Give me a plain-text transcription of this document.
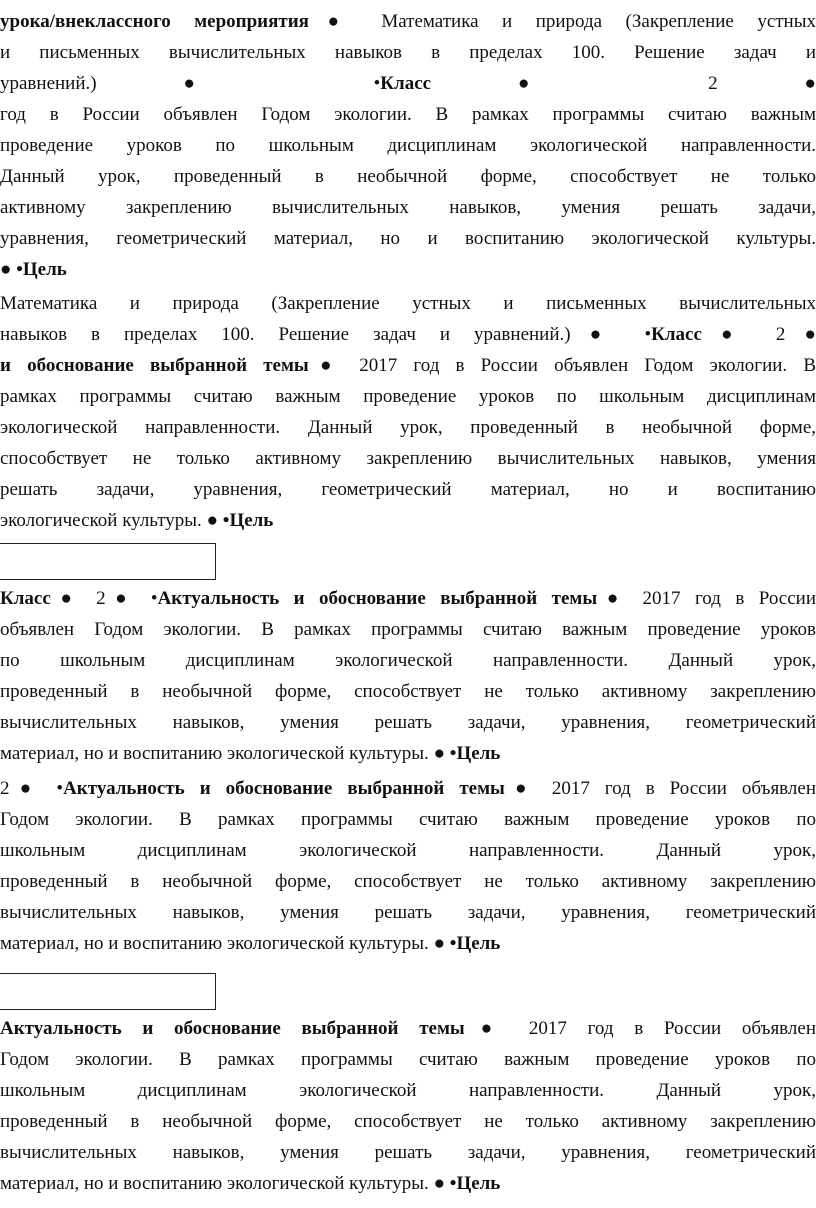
урока/внеклассного мероприятия● Математика и природа (Закрепление устных
и письменных вычислительных навыков в пределах 100. Решение задач и
уравнений.)● •Класс● 2●
год в России объявлен Годом экологии. В рамках программы считаю важным
проведение уроков по школьным дисциплинам экологической направленности.
Данный урок, проведенный в необычной форме, способствует не только
активному закреплению вычислительных навыков, умения решать задачи,
уравнения, геометрический материал, но и воспитанию экологической культуры.
● •Цель
Математика и природа (Закрепление устных и письменных вычислительных
навыков в пределах 100. Решение задач и уравнений.)● •Класс● 2●
и обоснование выбранной темы● 2017 год в России объявлен Годом экологии. В
рамках программы считаю важным проведение уроков по школьным дисциплинам
экологической направленности. Данный урок, проведенный в необычной форме,
способствует не только активному закреплению вычислительных навыков, умения
решать задачи, уравнения, геометрический материал, но и воспитанию
экологической культуры. ● •Цель
Класс● 2● •Актуальность и обоснование выбранной темы● 2017 год в России
объявлен Годом экологии. В рамках программы считаю важным проведение уроков
по школьным дисциплинам экологической направленности. Данный урок,
проведенный в необычной форме, способствует не только активному закреплению
вычислительных навыков, умения решать задачи, уравнения, геометрический
материал, но и воспитанию экологической культуры. ● •Цель
2● •Актуальность и обоснование выбранной темы● 2017 год в России объявлен
Годом экологии. В рамках программы считаю важным проведение уроков по
школьным дисциплинам экологической направленности. Данный урок,
проведенный в необычной форме, способствует не только активному закреплению
вычислительных навыков, умения решать задачи, уравнения, геометрический
материал, но и воспитанию экологической культуры. ● •Цель
Актуальность и обоснование выбранной темы● 2017 год в России объявлен
Годом экологии. В рамках программы считаю важным проведение уроков по
школьным дисциплинам экологической направленности. Данный урок,
проведенный в необычной форме, способствует не только активному закреплению
вычислительных навыков, умения решать задачи, уравнения, геометрический
материал, но и воспитанию экологической культуры. ● •Цель
